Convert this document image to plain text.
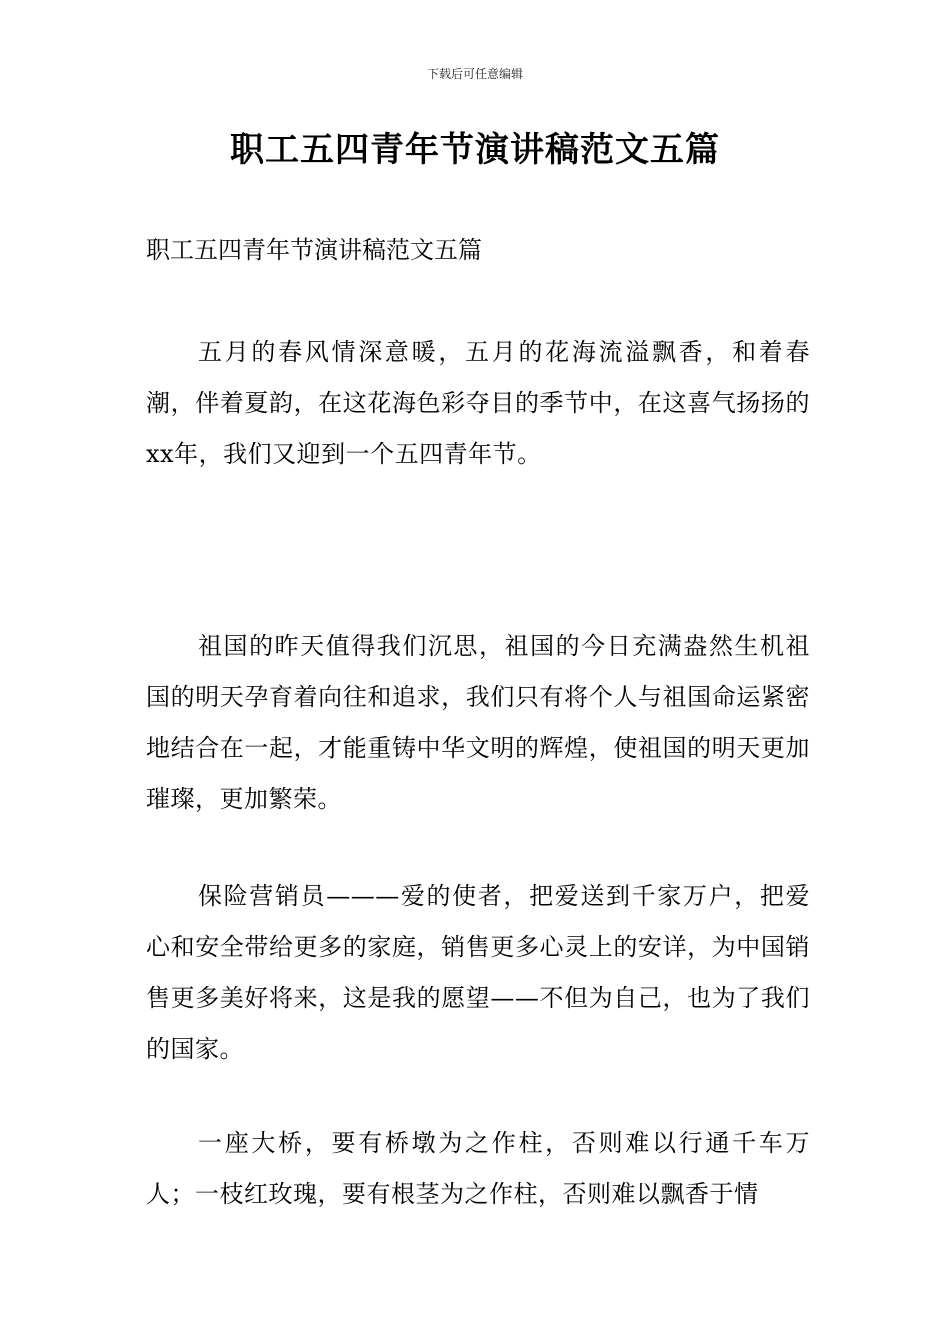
下载后可任意编辑
职工五四青年节演讲稿范文五篇
职工五四青年节演讲稿范文五篇
五月的春风情深意暖，五月的花海流溢飘香，和着春潮，伴着夏韵，在这花海色彩夺目的季节中，在这喜气扬扬的xx年，我们又迎到一个五四青年节。
祖国的昨天值得我们沉思，祖国的今日充满盎然生机祖国的明天孕育着向往和追求，我们只有将个人与祖国命运紧密地结合在一起，才能重铸中华文明的辉煌，使祖国的明天更加璀璨，更加繁荣。
保险营销员———爱的使者，把爱送到千家万户，把爱心和安全带给更多的家庭，销售更多心灵上的安详，为中国销售更多美好将来，这是我的愿望——不但为自己，也为了我们的国家。
一座大桥，要有桥墩为之作柱，否则难以行通千车万人；一枝红玫瑰，要有根茎为之作柱，否则难以飘香于情
